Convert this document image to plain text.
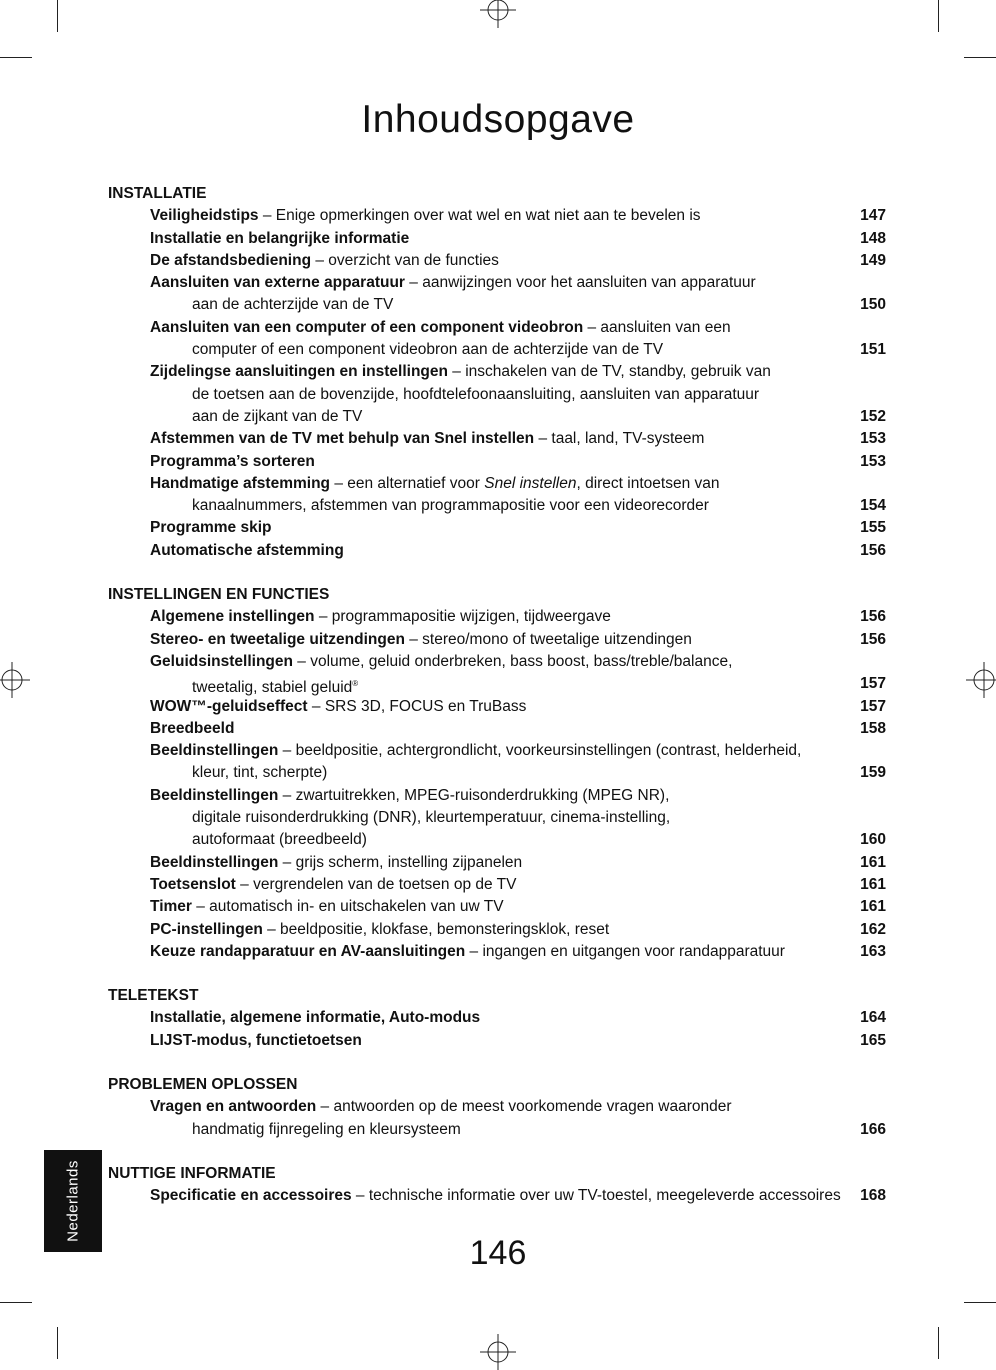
Inhoudsopgave
INSTALLATIE
Veiligheidstips – Enige opmerkingen over wat wel en wat niet aan te bevelen is	147
Installatie en belangrijke informatie	148
De afstandsbediening – overzicht van de functies	149
Aansluiten van externe apparatuur – aanwijzingen voor het aansluiten van apparatuur
aan de achterzijde van de TV	150
Aansluiten van een computer of een component videobron – aansluiten van een
computer of een component videobron aan de achterzijde van de TV	151
Zijdelingse aansluitingen en instellingen – inschakelen van de TV, standby, gebruik van
de toetsen aan de bovenzijde, hoofdtelefoonaansluiting, aansluiten van apparatuur
aan de zijkant van de TV	152
Afstemmen van de TV met behulp van Snel instellen – taal, land, TV-systeem	153
Programma’s sorteren	153
Handmatige afstemming – een alternatief voor Snel instellen, direct intoetsen van
kanaalnummers, afstemmen van programmapositie voor een videorecorder	154
Programme skip	155
Automatische afstemming	156
INSTELLINGEN EN FUNCTIES
Algemene instellingen – programmapositie wijzigen, tijdweergave	156
Stereo- en tweetalige uitzendingen – stereo/mono of tweetalige uitzendingen	156
Geluidsinstellingen – volume, geluid onderbreken, bass boost, bass/treble/balance,
tweetalig, stabiel geluid®	157
WOW™-geluidseffect – SRS 3D, FOCUS en TruBass	157
Breedbeeld	158
Beeldinstellingen – beeldpositie, achtergrondlicht, voorkeursinstellingen (contrast, helderheid,
kleur, tint, scherpte)	159
Beeldinstellingen – zwartuitrekken, MPEG-ruisonderdrukking (MPEG NR),
digitale ruisonderdrukking (DNR), kleurtemperatuur, cinema-instelling,
autoformaat (breedbeeld)	160
Beeldinstellingen – grijs scherm, instelling zijpanelen	161
Toetsenslot – vergrendelen van de toetsen op de TV	161
Timer – automatisch in- en uitschakelen van uw TV	161
PC-instellingen – beeldpositie, klokfase, bemonsteringsklok, reset	162
Keuze randapparatuur en AV-aansluitingen – ingangen en uitgangen voor randapparatuur	163
TELETEKST
Installatie, algemene informatie, Auto-modus	164
LIJST-modus, functietoetsen	165
PROBLEMEN OPLOSSEN
Vragen en antwoorden – antwoorden op de meest voorkomende vragen waaronder
handmatig fijnregeling en kleursysteem	166
NUTTIGE INFORMATIE
Specificatie en accessoires – technische informatie over uw TV-toestel, meegeleverde accessoires 168
Nederlands
146
